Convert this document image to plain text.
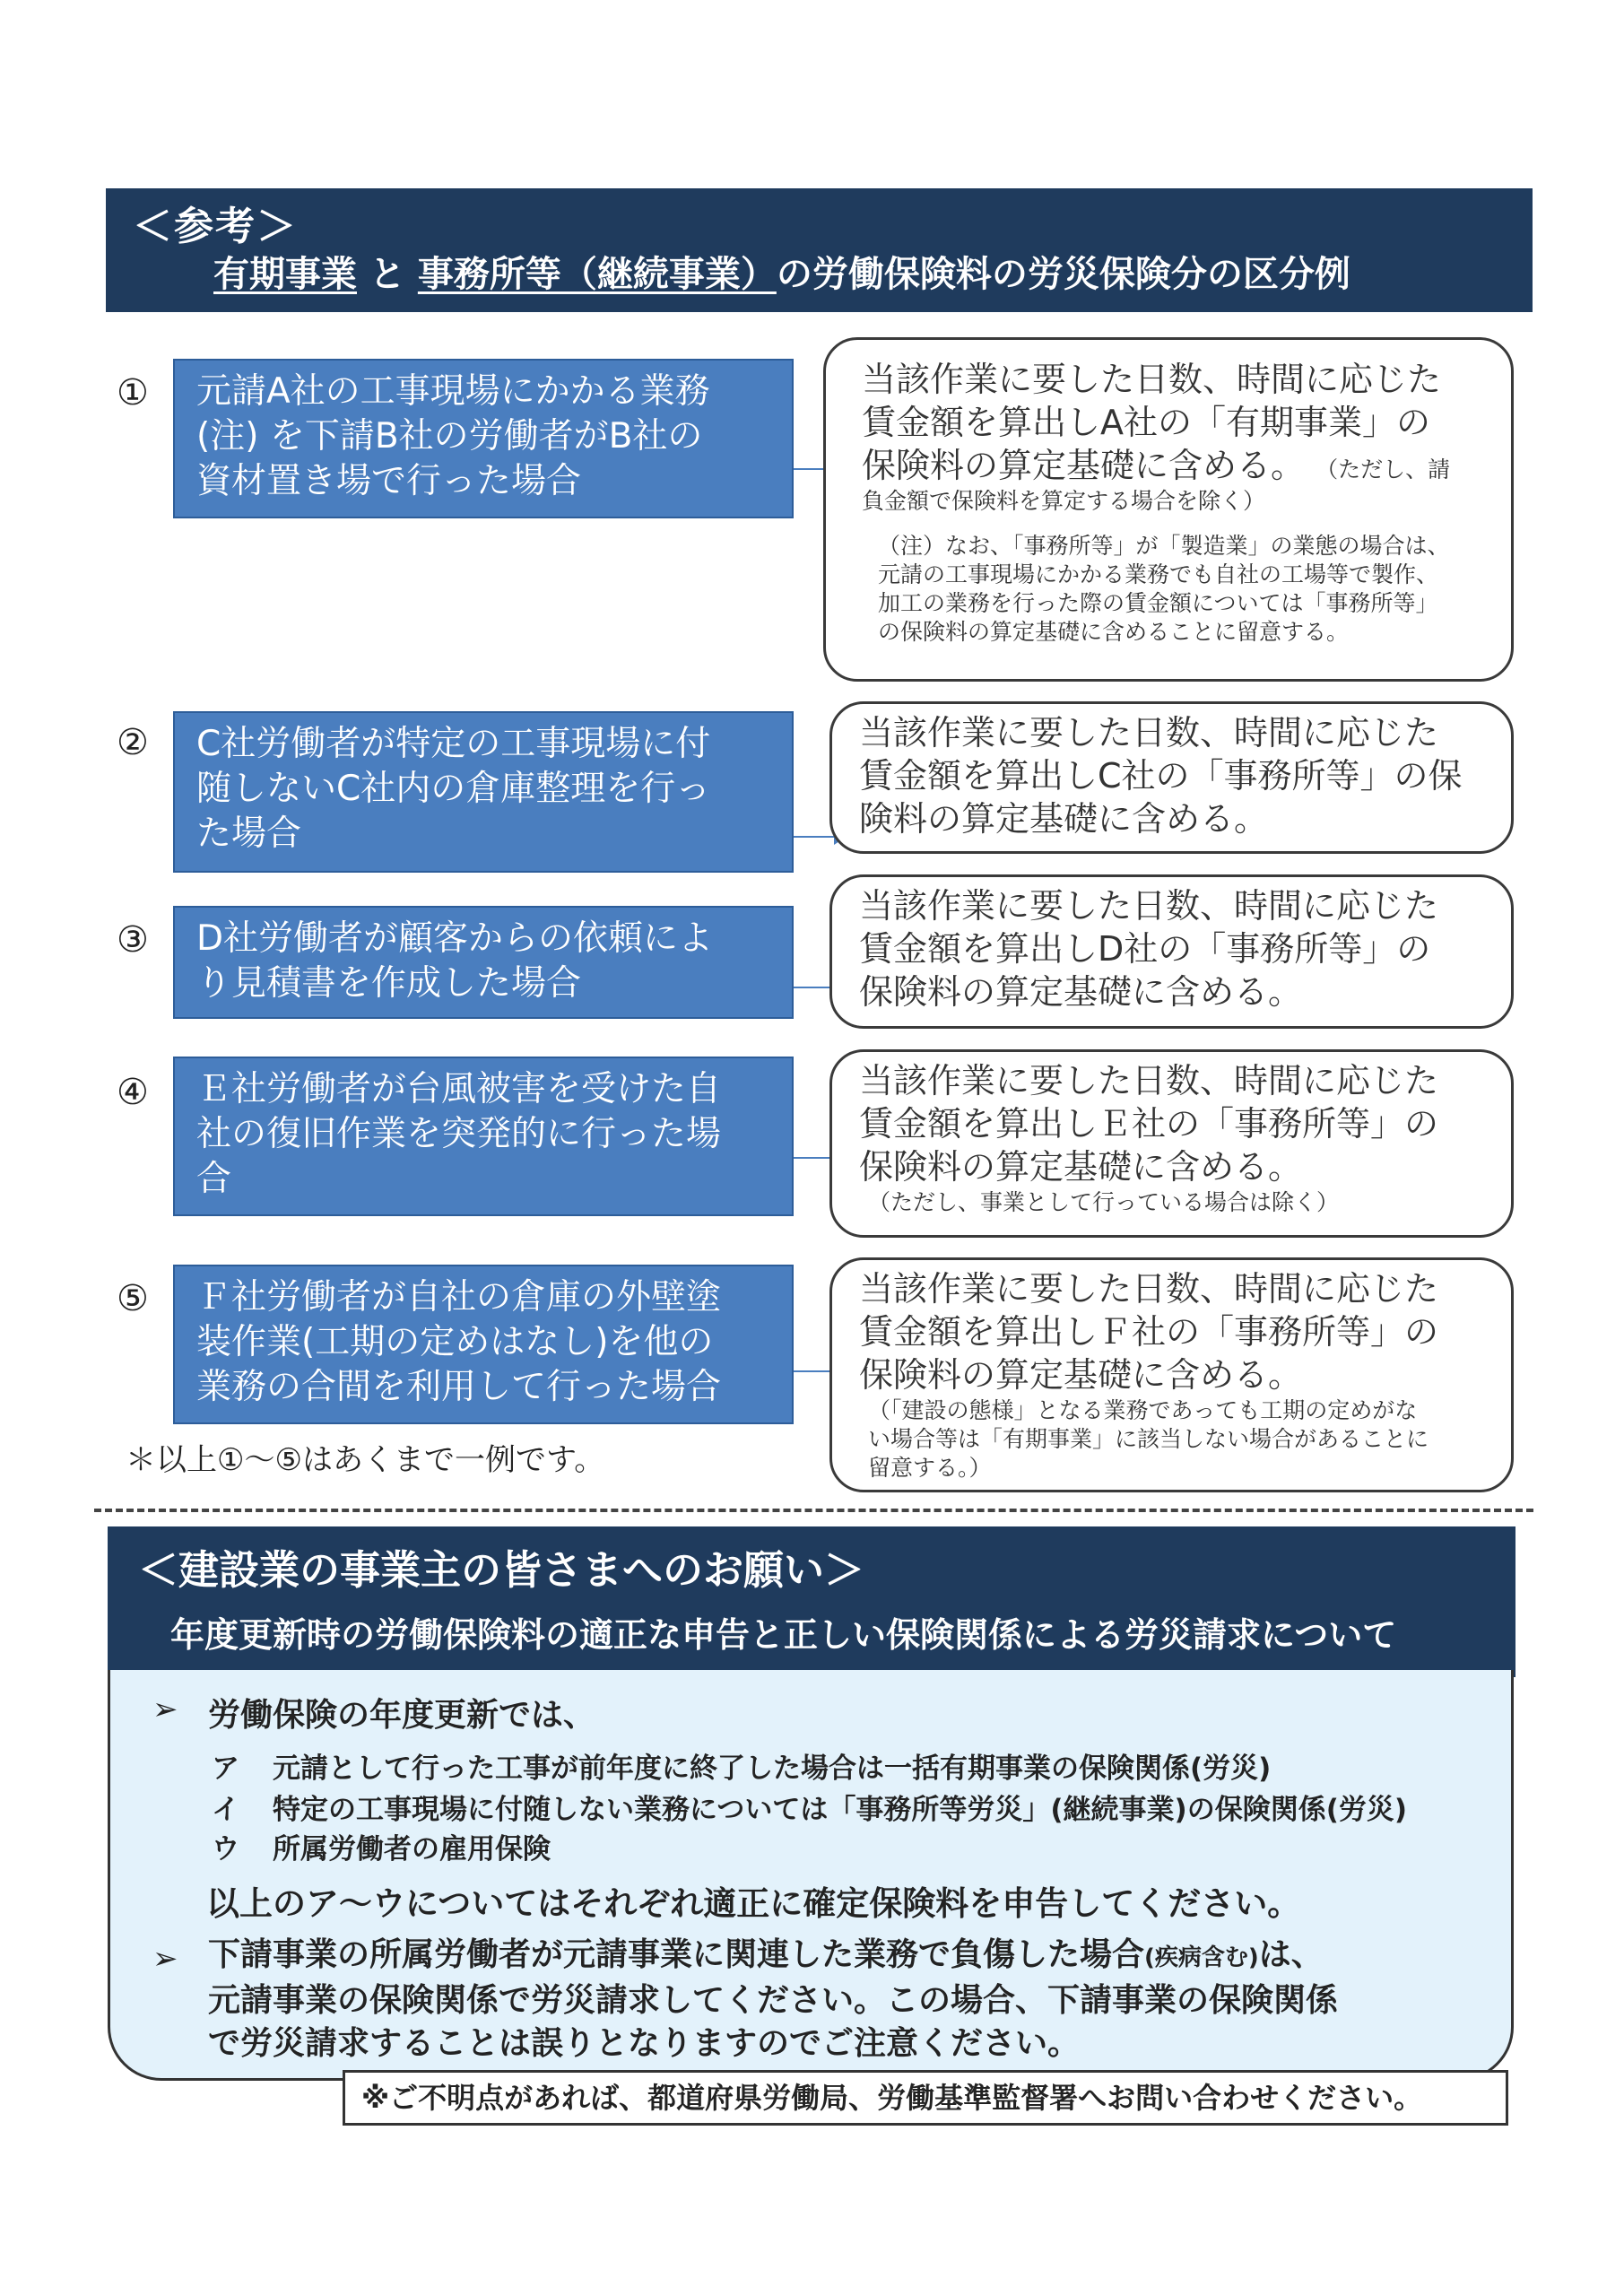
＜参考＞
有期事業 と 事務所等（継続事業）の労働保険料の労災保険分の区分例
① 元請A社の工事現場にかかる業務
(注) を下請B社の労働者がB社の
資材置き場で行った場合
当該作業に要した日数、時間に応じた
賃金額を算出しA社の「有期事業」の
保険料の算定基礎に含める。 （ただし、請
負金額で保険料を算定する場合を除く）
（注）なお、「事務所等」が「製造業」の業態の場合は、
元請の工事現場にかかる業務でも自社の工場等で製作、
加工の業務を行った際の賃金額については「事務所等」
の保険料の算定基礎に含めることに留意する。
② C社労働者が特定の工事現場に付
随しないC社内の倉庫整理を行っ
た場合
当該作業に要した日数、時間に応じた
賃金額を算出しC社の「事務所等」の保
険料の算定基礎に含める。
③ D社労働者が顧客からの依頼によ
り見積書を作成した場合
当該作業に要した日数、時間に応じた
賃金額を算出しD社の「事務所等」の
保険料の算定基礎に含める。
④ Ｅ社労働者が台風被害を受けた自
社の復旧作業を突発的に行った場
合
当該作業に要した日数、時間に応じた
賃金額を算出しＥ社の「事務所等」の
保険料の算定基礎に含める。
（ただし、事業として行っている場合は除く）
⑤ Ｆ社労働者が自社の倉庫の外壁塗
装作業(工期の定めはなし)を他の
業務の合間を利用して行った場合
当該作業に要した日数、時間に応じた
賃金額を算出しＦ社の「事務所等」の
保険料の算定基礎に含める。
（「建設の態様」となる業務であっても工期の定めがな
い場合等は「有期事業」に該当しない場合があることに
留意する。）
＊以上①～⑤はあくまで一例です。
＜建設業の事業主の皆さまへのお願い＞
年度更新時の労働保険料の適正な申告と正しい保険関係による労災請求について
➢ 労働保険の年度更新では、
ア 元請として行った工事が前年度に終了した場合は一括有期事業の保険関係(労災)
イ 特定の工事現場に付随しない業務については「事務所等労災」(継続事業)の保険関係(労災)
ウ 所属労働者の雇用保険
以上のア～ウについてはそれぞれ適正に確定保険料を申告してください。
➢ 下請事業の所属労働者が元請事業に関連した業務で負傷した場合(疾病含む)は、
元請事業の保険関係で労災請求してください。この場合、下請事業の保険関係
で労災請求することは誤りとなりますのでご注意ください。
※ご不明点があれば、都道府県労働局、労働基準監督署へお問い合わせください。
